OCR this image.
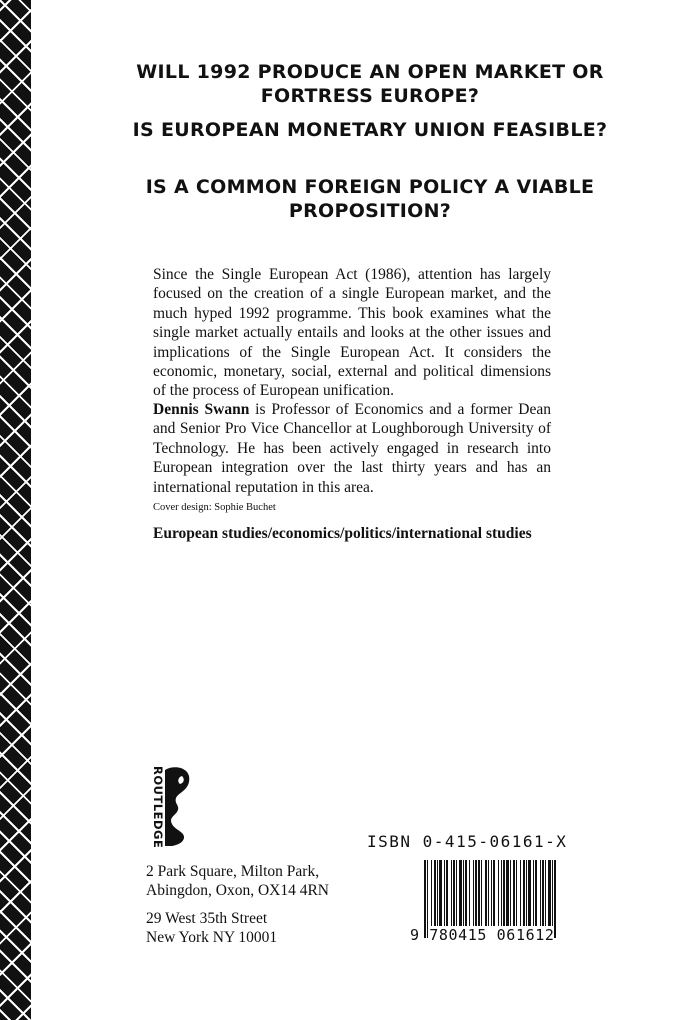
WILL 1992 PRODUCE AN OPEN MARKET OR FORTRESS EUROPE?
IS EUROPEAN MONETARY UNION FEASIBLE?
IS A COMMON FOREIGN POLICY A VIABLE PROPOSITION?
Since the Single European Act (1986), attention has largely focused on the creation of a single European market, and the much hyped 1992 programme. This book examines what the single market actually entails and looks at the other issues and implications of the Single European Act. It considers the economic, monetary, social, external and political dimensions of the process of European unification.
Dennis Swann is Professor of Economics and a former Dean and Senior Pro Vice Chancellor at Loughborough University of Technology. He has been actively engaged in research into European integration over the last thirty years and has an international reputation in this area.
Cover design: Sophie Buchet
European studies/economics/politics/international studies
ROUTLEDGE
2 Park Square, Milton Park,
Abingdon, Oxon, OX14 4RN
29 West 35th Street
New York NY 10001
ISBN 0-415-06161-X
9 780415 061612
